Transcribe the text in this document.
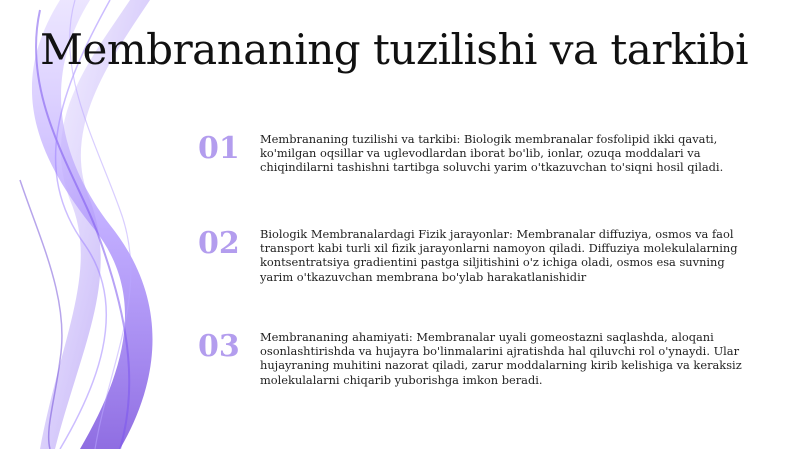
Membrananing tuzilishi va tarkibi
01	Membrananing tuzilishi va tarkibi: Biologik membranalar fosfolipid ikki qavati, ko'milgan oqsillar va uglevodlardan iborat bo'lib, ionlar, ozuqa moddalari va chiqindilarni tashishni tartibga soluvchi yarim o'tkazuvchan to'siqni hosil qiladi.
02	Biologik Membranalardagi Fizik jarayonlar: Membranalar diffuziya, osmos va faol transport kabi turli xil fizik jarayonlarni namoyon qiladi. Diffuziya molekulalarning kontsentratsiya gradientini pastga siljitishini o'z ichiga oladi, osmos esa suvning yarim o'tkazuvchan membrana bo'ylab harakatlanishidir
03	Membrananing ahamiyati: Membranalar uyali gomeostazni saqlashda, aloqani osonlashtirishda va hujayra bo'linmalarini ajratishda hal qiluvchi rol o'ynaydi. Ular hujayraning muhitini nazorat qiladi, zarur moddalarning kirib kelishiga va keraksiz molekulalarni chiqarib yuborishga imkon beradi.
